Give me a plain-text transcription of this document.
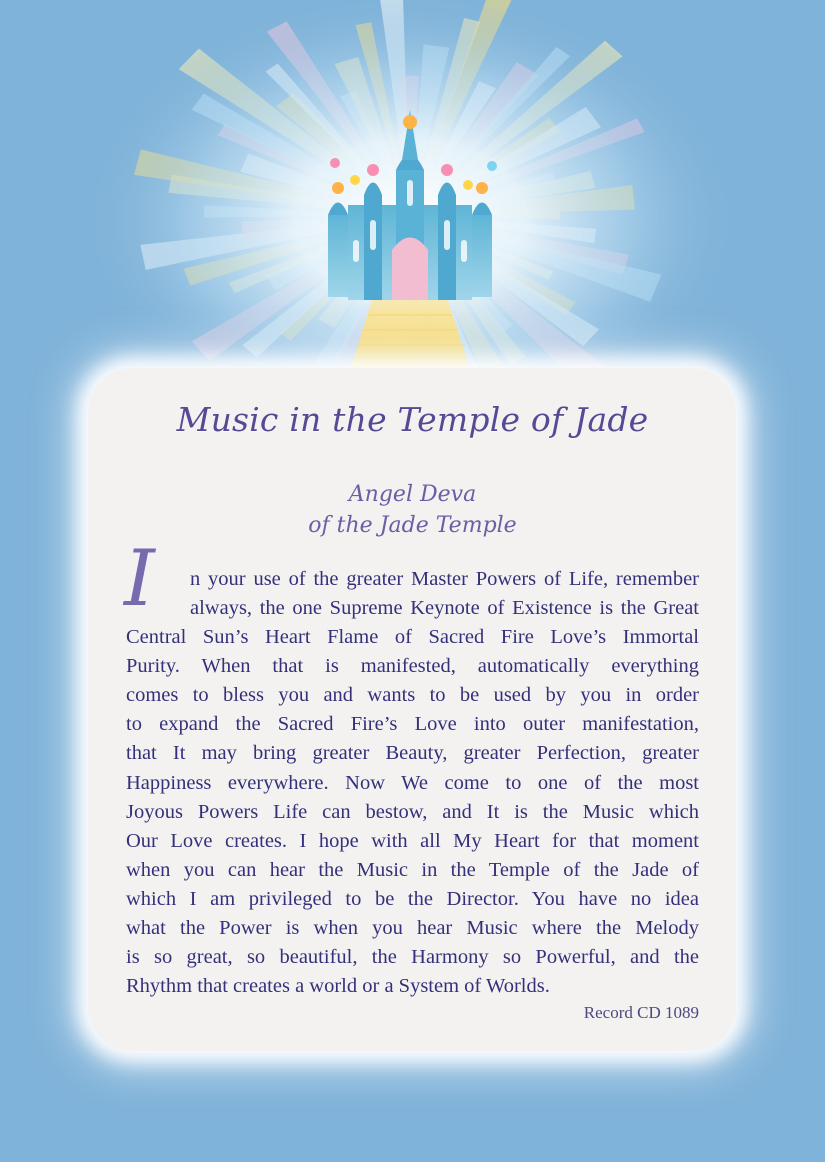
Music in the Temple of Jade
Angel Deva
of the Jade Temple
I n your use of the greater Master Powers of Life, remember
always, the one Supreme Keynote of Existence is the Great
Central Sun’s Heart Flame of Sacred Fire Love’s Immortal
Purity. When that is manifested, automatically everything
comes to bless you and wants to be used by you in order
to expand the Sacred Fire’s Love into outer manifestation,
that It may bring greater Beauty, greater Perfection, greater
Happiness everywhere. Now We come to one of the most
Joyous Powers Life can bestow, and It is the Music which
Our Love creates. I hope with all My Heart for that moment
when you can hear the Music in the Temple of the Jade of
which I am privileged to be the Director. You have no idea
what the Power is when you hear Music where the Melody
is so great, so beautiful, the Harmony so Powerful, and the
Rhythm that creates a world or a System of Worlds.
Record CD 1089
